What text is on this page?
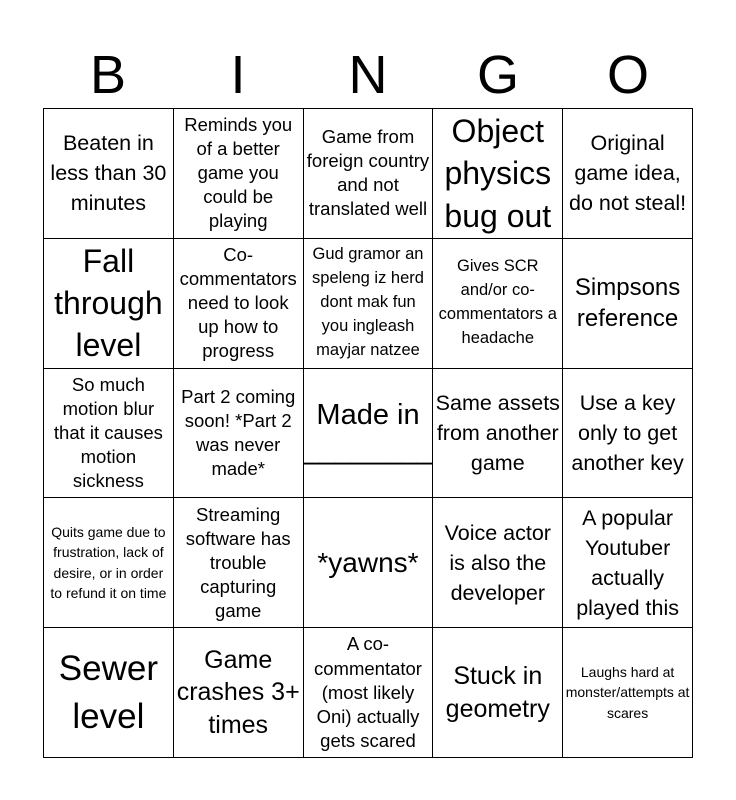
B	I	N	G	O
Beaten in less than 30 minutes
Reminds you of a better game you could be playing
Game from foreign country and not translated well
Object physics bug out
Original game idea, do not steal!
Fall through level
Co-commentators need to look up how to progress
Gud gramor an speleng iz herd dont mak fun you ingleash mayjar natzee
Gives SCR and/or co-commentators a headache
Simpsons reference
So much motion blur that it causes motion sickness
Part 2 coming soon! *Part 2 was never made*
Made in ________
Same assets from another game
Use a key only to get another key
Quits game due to frustration, lack of desire, or in order to refund it on time
Streaming software has trouble capturing game
*yawns*
Voice actor is also the developer
A popular Youtuber actually played this
Sewer level
Game crashes 3+ times
A co-commentator (most likely Oni) actually gets scared
Stuck in geometry
Laughs hard at monster/attempts at scares
